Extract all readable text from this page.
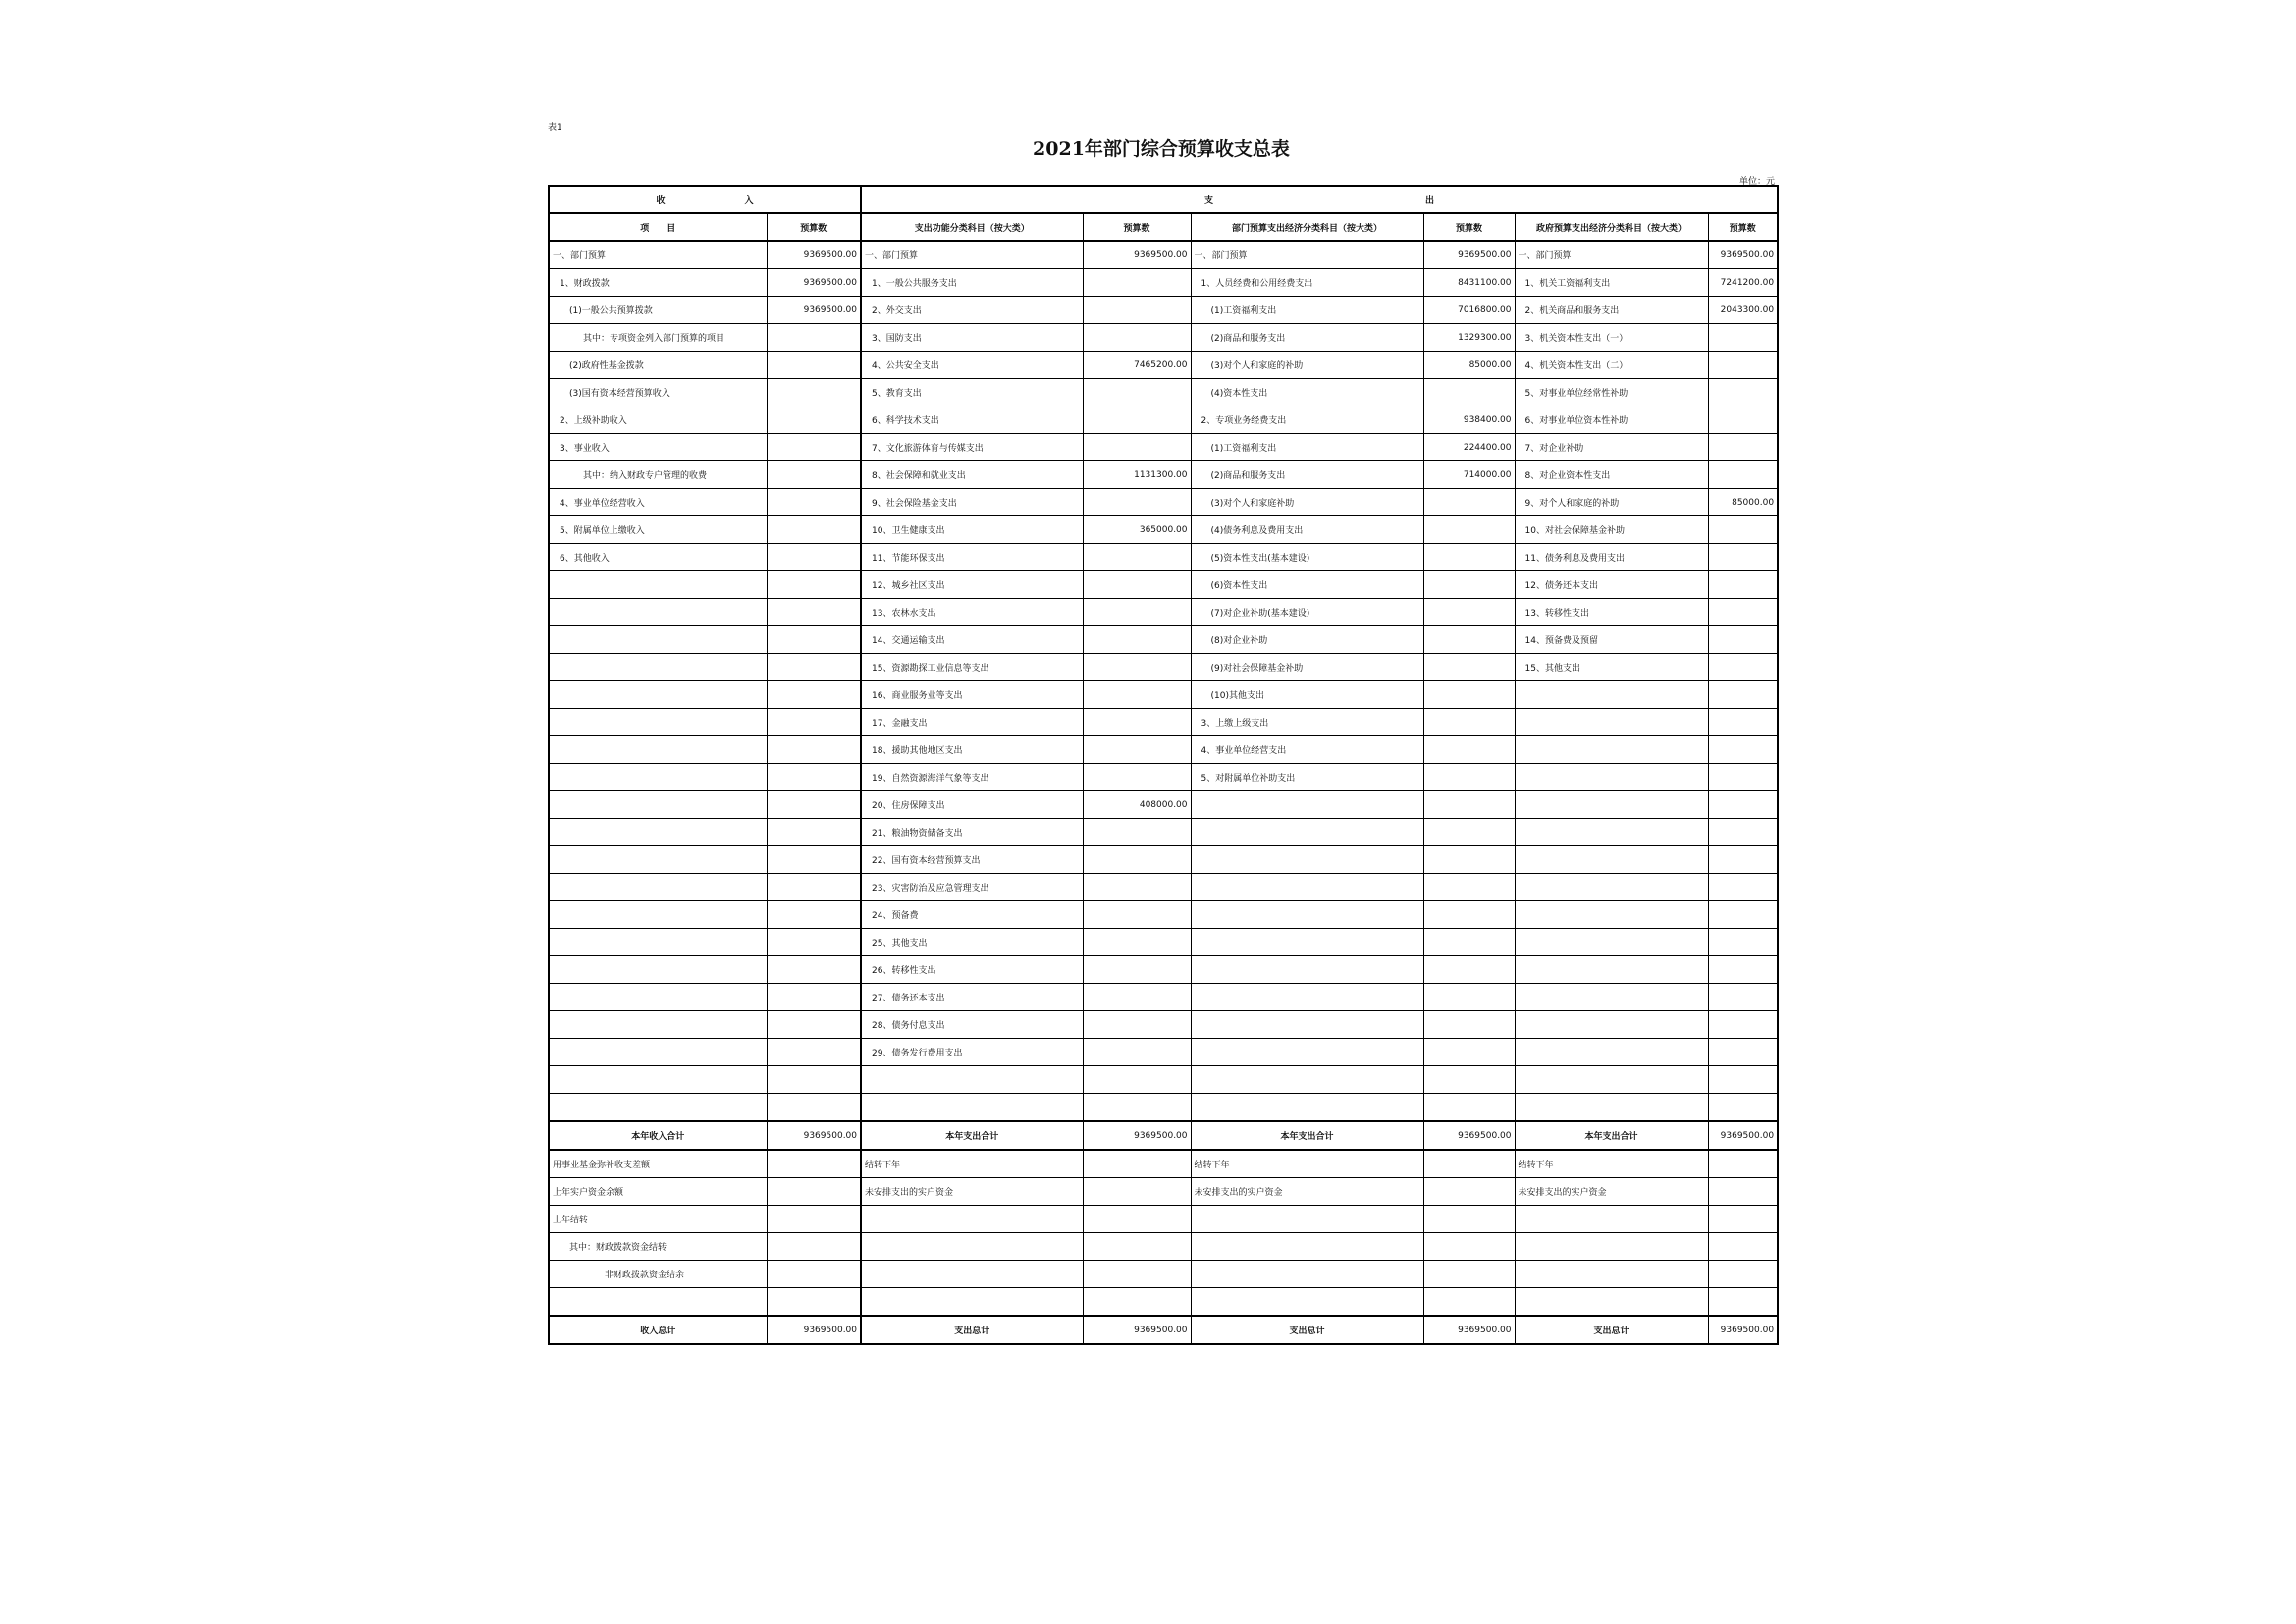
表1
2021年部门综合预算收支总表
单位：元
收　　　　　　　　　入		支　　　　　　　　　　　　　　　　　　　　　　　　出					
项　　目	预算数	支出功能分类科目（按大类）	预算数	部门预算支出经济分类科目（按大类）	预算数	政府预算支出经济分类科目（按大类）	预算数
一、部门预算	9369500.00	一、部门预算	9369500.00	一、部门预算	9369500.00	一、部门预算	9369500.00
1、财政拨款	9369500.00	1、一般公共服务支出		1、人员经费和公用经费支出	8431100.00	1、机关工资福利支出	7241200.00
(1)一般公共预算拨款	9369500.00	2、外交支出		(1)工资福利支出	7016800.00	2、机关商品和服务支出	2043300.00
其中：专项资金列入部门预算的项目		3、国防支出		(2)商品和服务支出	1329300.00	3、机关资本性支出（一）	
(2)政府性基金拨款		4、公共安全支出	7465200.00	(3)对个人和家庭的补助	85000.00	4、机关资本性支出（二）	
(3)国有资本经营预算收入		5、教育支出		(4)资本性支出		5、对事业单位经常性补助	
2、上级补助收入		6、科学技术支出		2、专项业务经费支出	938400.00	6、对事业单位资本性补助	
3、事业收入		7、文化旅游体育与传媒支出		(1)工资福利支出	224400.00	7、对企业补助	
其中：纳入财政专户管理的收费		8、社会保障和就业支出	1131300.00	(2)商品和服务支出	714000.00	8、对企业资本性支出	
4、事业单位经营收入		9、社会保险基金支出		(3)对个人和家庭补助		9、对个人和家庭的补助	85000.00
5、附属单位上缴收入		10、卫生健康支出	365000.00	(4)债务利息及费用支出		10、对社会保障基金补助	
6、其他收入		11、节能环保支出		(5)资本性支出(基本建设)		11、债务利息及费用支出	
		12、城乡社区支出		(6)资本性支出		12、债务还本支出	
		13、农林水支出		(7)对企业补助(基本建设)		13、转移性支出	
		14、交通运输支出		(8)对企业补助		14、预备费及预留	
		15、资源勘探工业信息等支出		(9)对社会保障基金补助		15、其他支出	
		16、商业服务业等支出		(10)其他支出			
		17、金融支出		3、上缴上级支出			
		18、援助其他地区支出		4、事业单位经营支出			
		19、自然资源海洋气象等支出		5、对附属单位补助支出			
		20、住房保障支出	408000.00				
		21、粮油物资储备支出					
		22、国有资本经营预算支出					
		23、灾害防治及应急管理支出					
		24、预备费					
		25、其他支出					
		26、转移性支出					
		27、债务还本支出					
		28、债务付息支出					
		29、债务发行费用支出					

本年收入合计	9369500.00	本年支出合计	9369500.00	本年支出合计	9369500.00	本年支出合计	9369500.00
用事业基金弥补收支差额		结转下年		结转下年		结转下年	
上年实户资金余额		未安排支出的实户资金		未安排支出的实户资金		未安排支出的实户资金	
上年结转							
其中：财政拨款资金结转							
非财政拨款资金结余							

收入总计	9369500.00	支出总计	9369500.00	支出总计	9369500.00	支出总计	9369500.00
